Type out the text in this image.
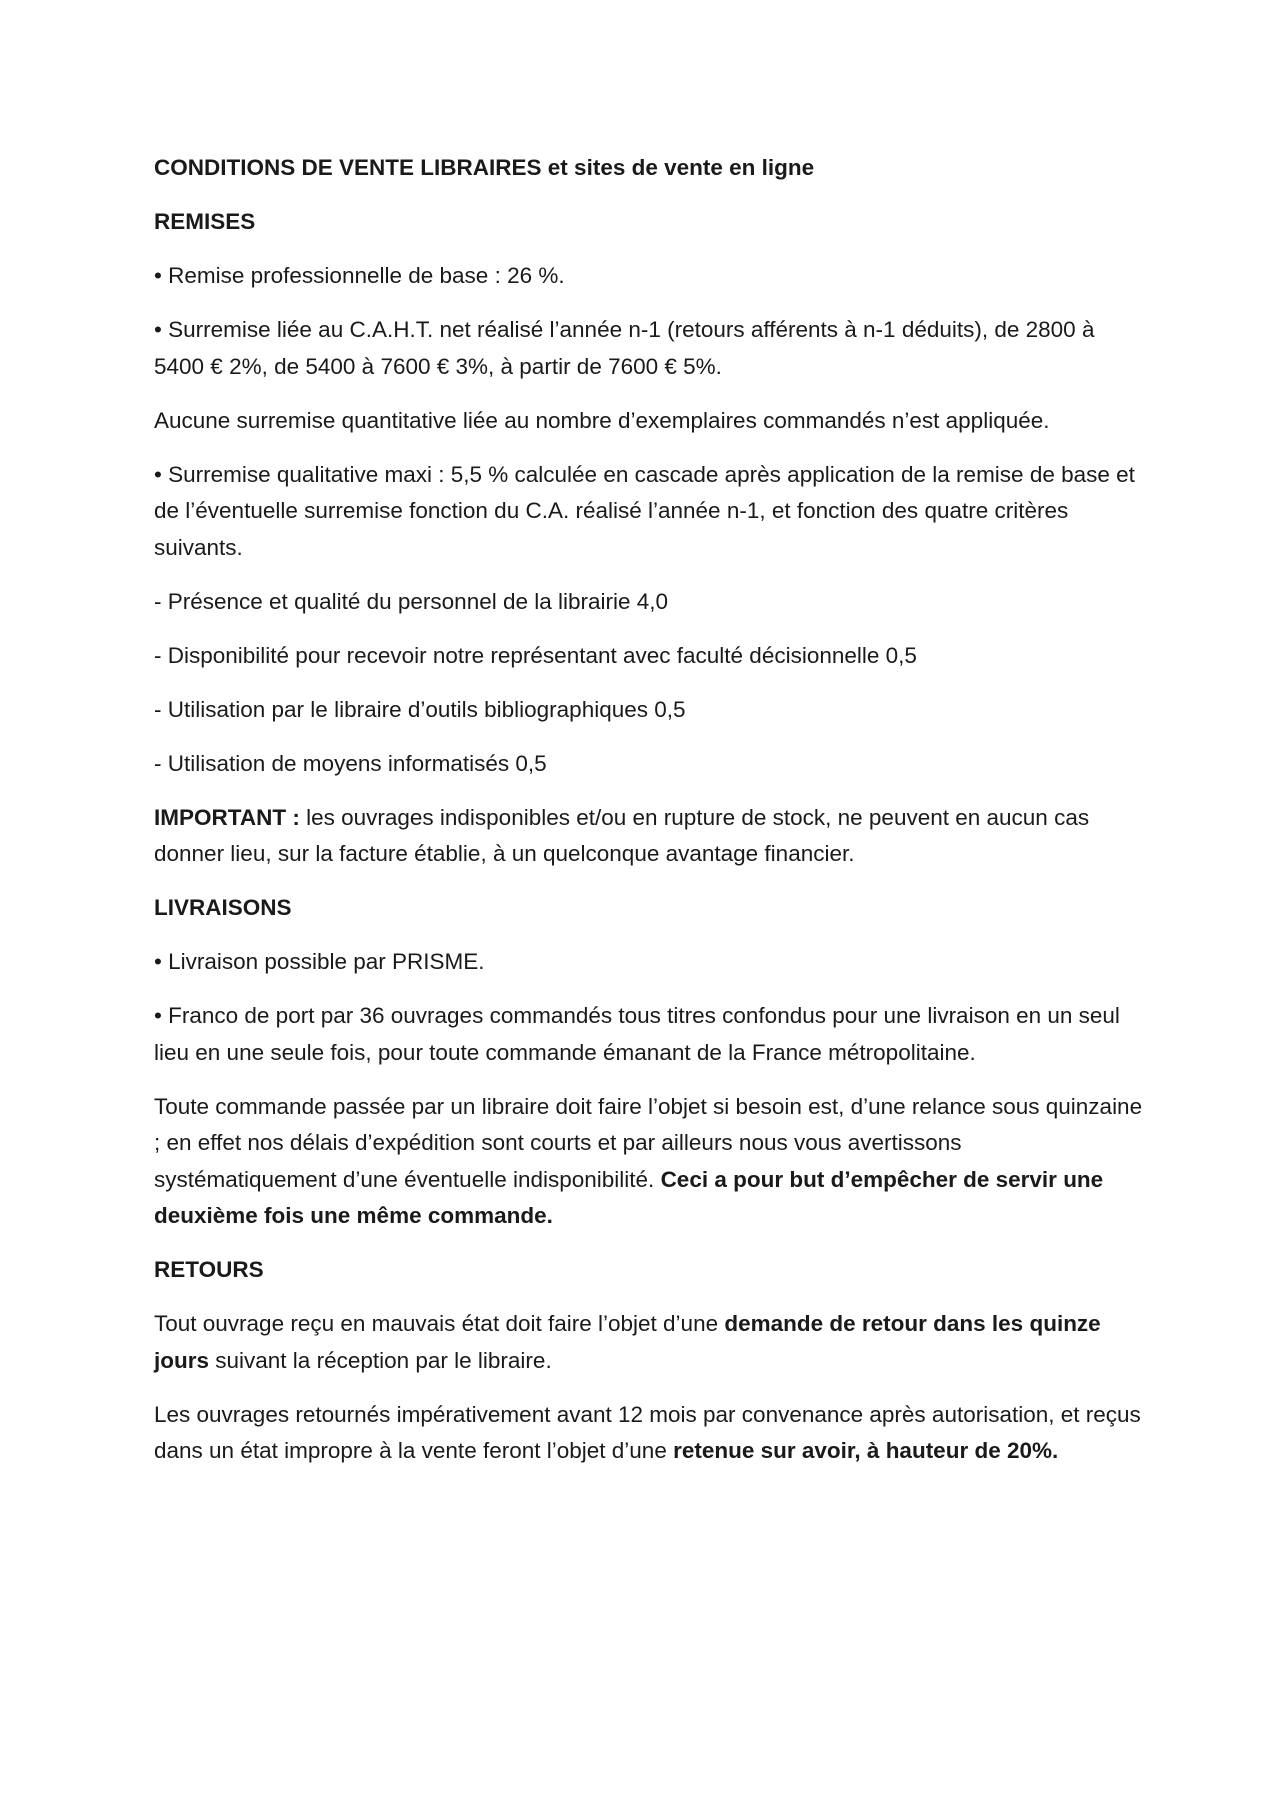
CONDITIONS DE VENTE LIBRAIRES et sites de vente en ligne

REMISES

• Remise professionnelle de base : 26 %.

• Surremise liée au C.A.H.T. net réalisé l’année n-1 (retours afférents à n-1 déduits), de 2800 à 5400 € 2%, de 5400 à 7600 € 3%, à partir de 7600 € 5%.

Aucune surremise quantitative liée au nombre d’exemplaires commandés n’est appliquée.

• Surremise qualitative maxi : 5,5 % calculée en cascade après application de la remise de base et de l’éventuelle surremise fonction du C.A. réalisé l’année n-1, et fonction des quatre critères suivants.

- Présence et qualité du personnel de la librairie 4,0

- Disponibilité pour recevoir notre représentant avec faculté décisionnelle 0,5

- Utilisation par le libraire d’outils bibliographiques 0,5

- Utilisation de moyens informatisés 0,5

IMPORTANT : les ouvrages indisponibles et/ou en rupture de stock, ne peuvent en aucun cas donner lieu, sur la facture établie, à un quelconque avantage financier.

LIVRAISONS

• Livraison possible par PRISME.

• Franco de port par 36 ouvrages commandés tous titres confondus pour une livraison en un seul lieu en une seule fois, pour toute commande émanant de la France métropolitaine.

Toute commande passée par un libraire doit faire l’objet si besoin est, d’une relance sous quinzaine ; en effet nos délais d’expédition sont courts et par ailleurs nous vous avertissons systématiquement d’une éventuelle indisponibilité. Ceci a pour but d’empêcher de servir une deuxième fois une même commande.

RETOURS

Tout ouvrage reçu en mauvais état doit faire l’objet d’une demande de retour dans les quinze jours suivant la réception par le libraire.

Les ouvrages retournés impérativement avant 12 mois par convenance après autorisation, et reçus dans un état impropre à la vente feront l’objet d’une retenue sur avoir, à hauteur de 20%.
